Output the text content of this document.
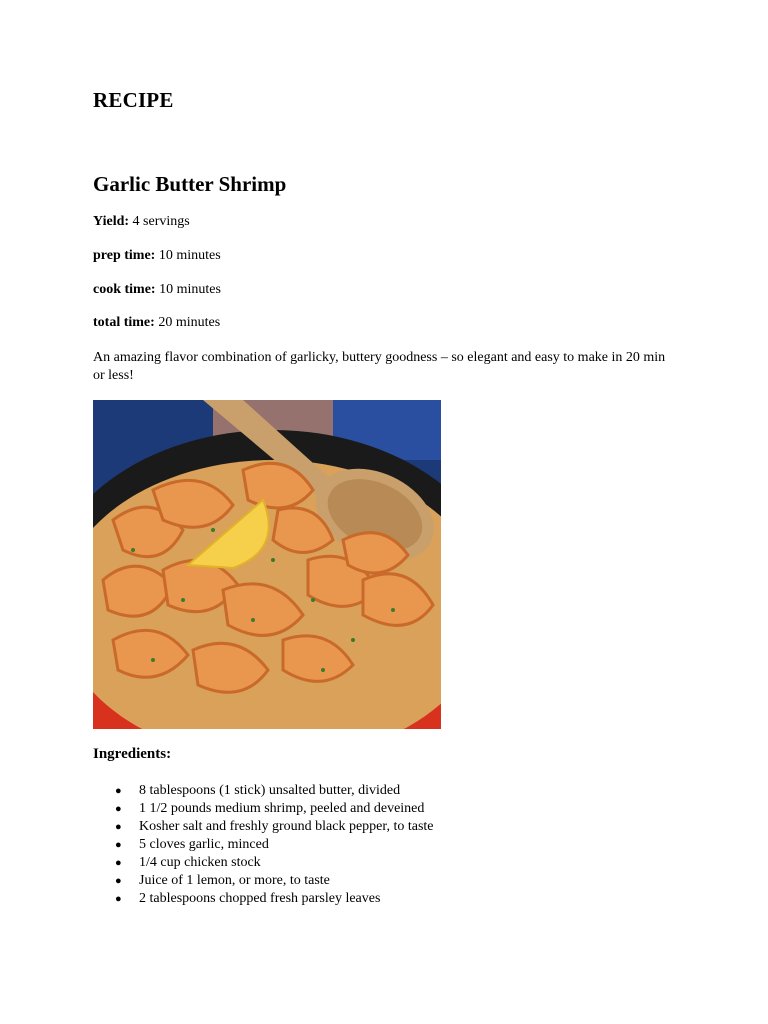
RECIPE
Garlic Butter Shrimp
Yield: 4 servings
prep time: 10 minutes
cook time: 10 minutes
total time: 20 minutes

An amazing flavor combination of garlicky, buttery goodness – so elegant and easy to make in 20 min or less!

Ingredients:
● 8 tablespoons (1 stick) unsalted butter, divided
● 1 1/2 pounds medium shrimp, peeled and deveined
● Kosher salt and freshly ground black pepper, to taste
● 5 cloves garlic, minced
● 1/4 cup chicken stock
● Juice of 1 lemon, or more, to taste
● 2 tablespoons chopped fresh parsley leaves
